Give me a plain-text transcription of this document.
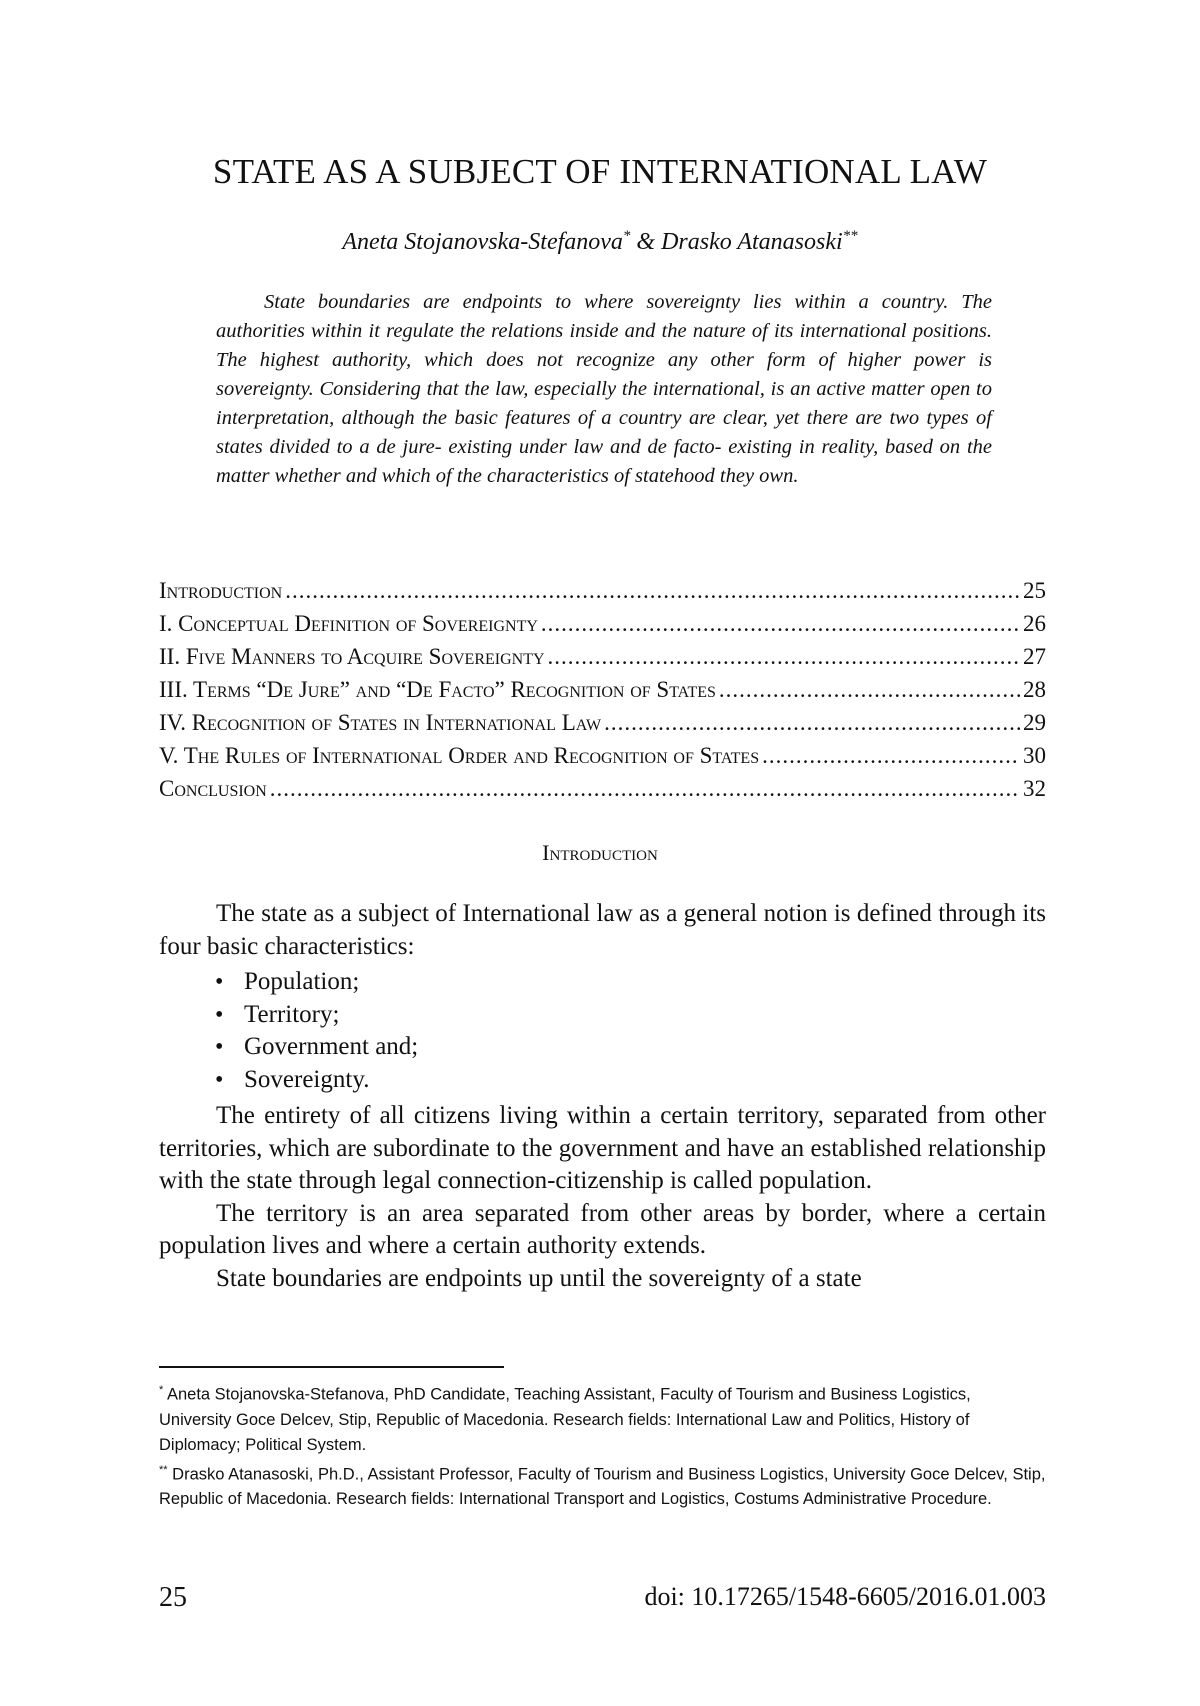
STATE AS A SUBJECT OF INTERNATIONAL LAW
Aneta Stojanovska-Stefanova* & Drasko Atanasoski**

State boundaries are endpoints to where sovereignty lies within a country. The authorities within it regulate the relations inside and the nature of its international positions. The highest authority, which does not recognize any other form of higher power is sovereignty. Considering that the law, especially the international, is an active matter open to interpretation, although the basic features of a country are clear, yet there are two types of states divided to a de jure- existing under law and de facto- existing in reality, based on the matter whether and which of the characteristics of statehood they own.

Introduction .....	25
I. Conceptual Definition of Sovereignty .....	26
II. Five Manners to Acquire Sovereignty .....	27
III. Terms “De Jure” and “De Facto” Recognition of States .....	28
IV. Recognition of States in International Law .....	29
V. The Rules of International Order and Recognition of States .....	30
Conclusion .....	32
Introduction

The state as a subject of International law as a general notion is defined through its four basic characteristics:

• Population;
• Territory;
• Government and;
• Sovereignty.

The entirety of all citizens living within a certain territory, separated from other territories, which are subordinate to the government and have an established relationship with the state through legal connection-citizenship is called population.

The territory is an area separated from other areas by border, where a certain population lives and where a certain authority extends.

State boundaries are endpoints up until the sovereignty of a state

* Aneta Stojanovska-Stefanova, PhD Candidate, Teaching Assistant, Faculty of Tourism and Business Logistics, University Goce Delcev, Stip, Republic of Macedonia. Research fields: International Law and Politics, History of Diplomacy; Political System.

** Drasko Atanasoski, Ph.D., Assistant Professor, Faculty of Tourism and Business Logistics, University Goce Delcev, Stip, Republic of Macedonia. Research fields: International Transport and Logistics, Costums Administrative Procedure.

25	doi: 10.17265/1548-6605/2016.01.003
